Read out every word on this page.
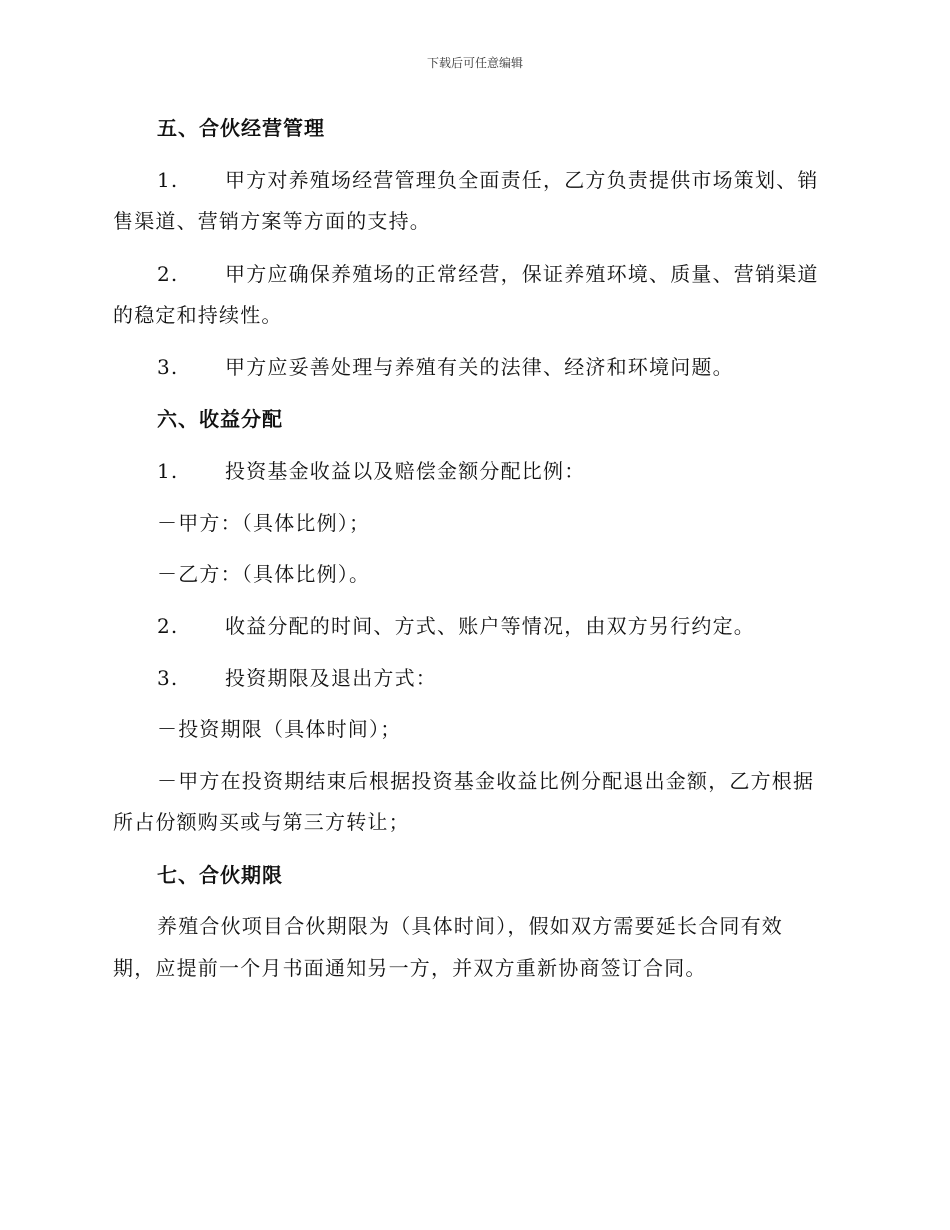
下载后可任意编辑
五、合伙经营管理
1. 甲方对养殖场经营管理负全面责任，乙方负责提供市场策划、销
售渠道、营销方案等方面的支持。
2. 甲方应确保养殖场的正常经营，保证养殖环境、质量、营销渠道
的稳定和持续性。
3. 甲方应妥善处理与养殖有关的法律、经济和环境问题。
六、收益分配
1. 投资基金收益以及赔偿金额分配比例：
－甲方：（具体比例）；
－乙方：（具体比例）。
2. 收益分配的时间、方式、账户等情况，由双方另行约定。
3. 投资期限及退出方式：
－投资期限（具体时间）；
－甲方在投资期结束后根据投资基金收益比例分配退出金额，乙方根据
所占份额购买或与第三方转让；
七、合伙期限
养殖合伙项目合伙期限为（具体时间），假如双方需要延长合同有效
期，应提前一个月书面通知另一方，并双方重新协商签订合同。
